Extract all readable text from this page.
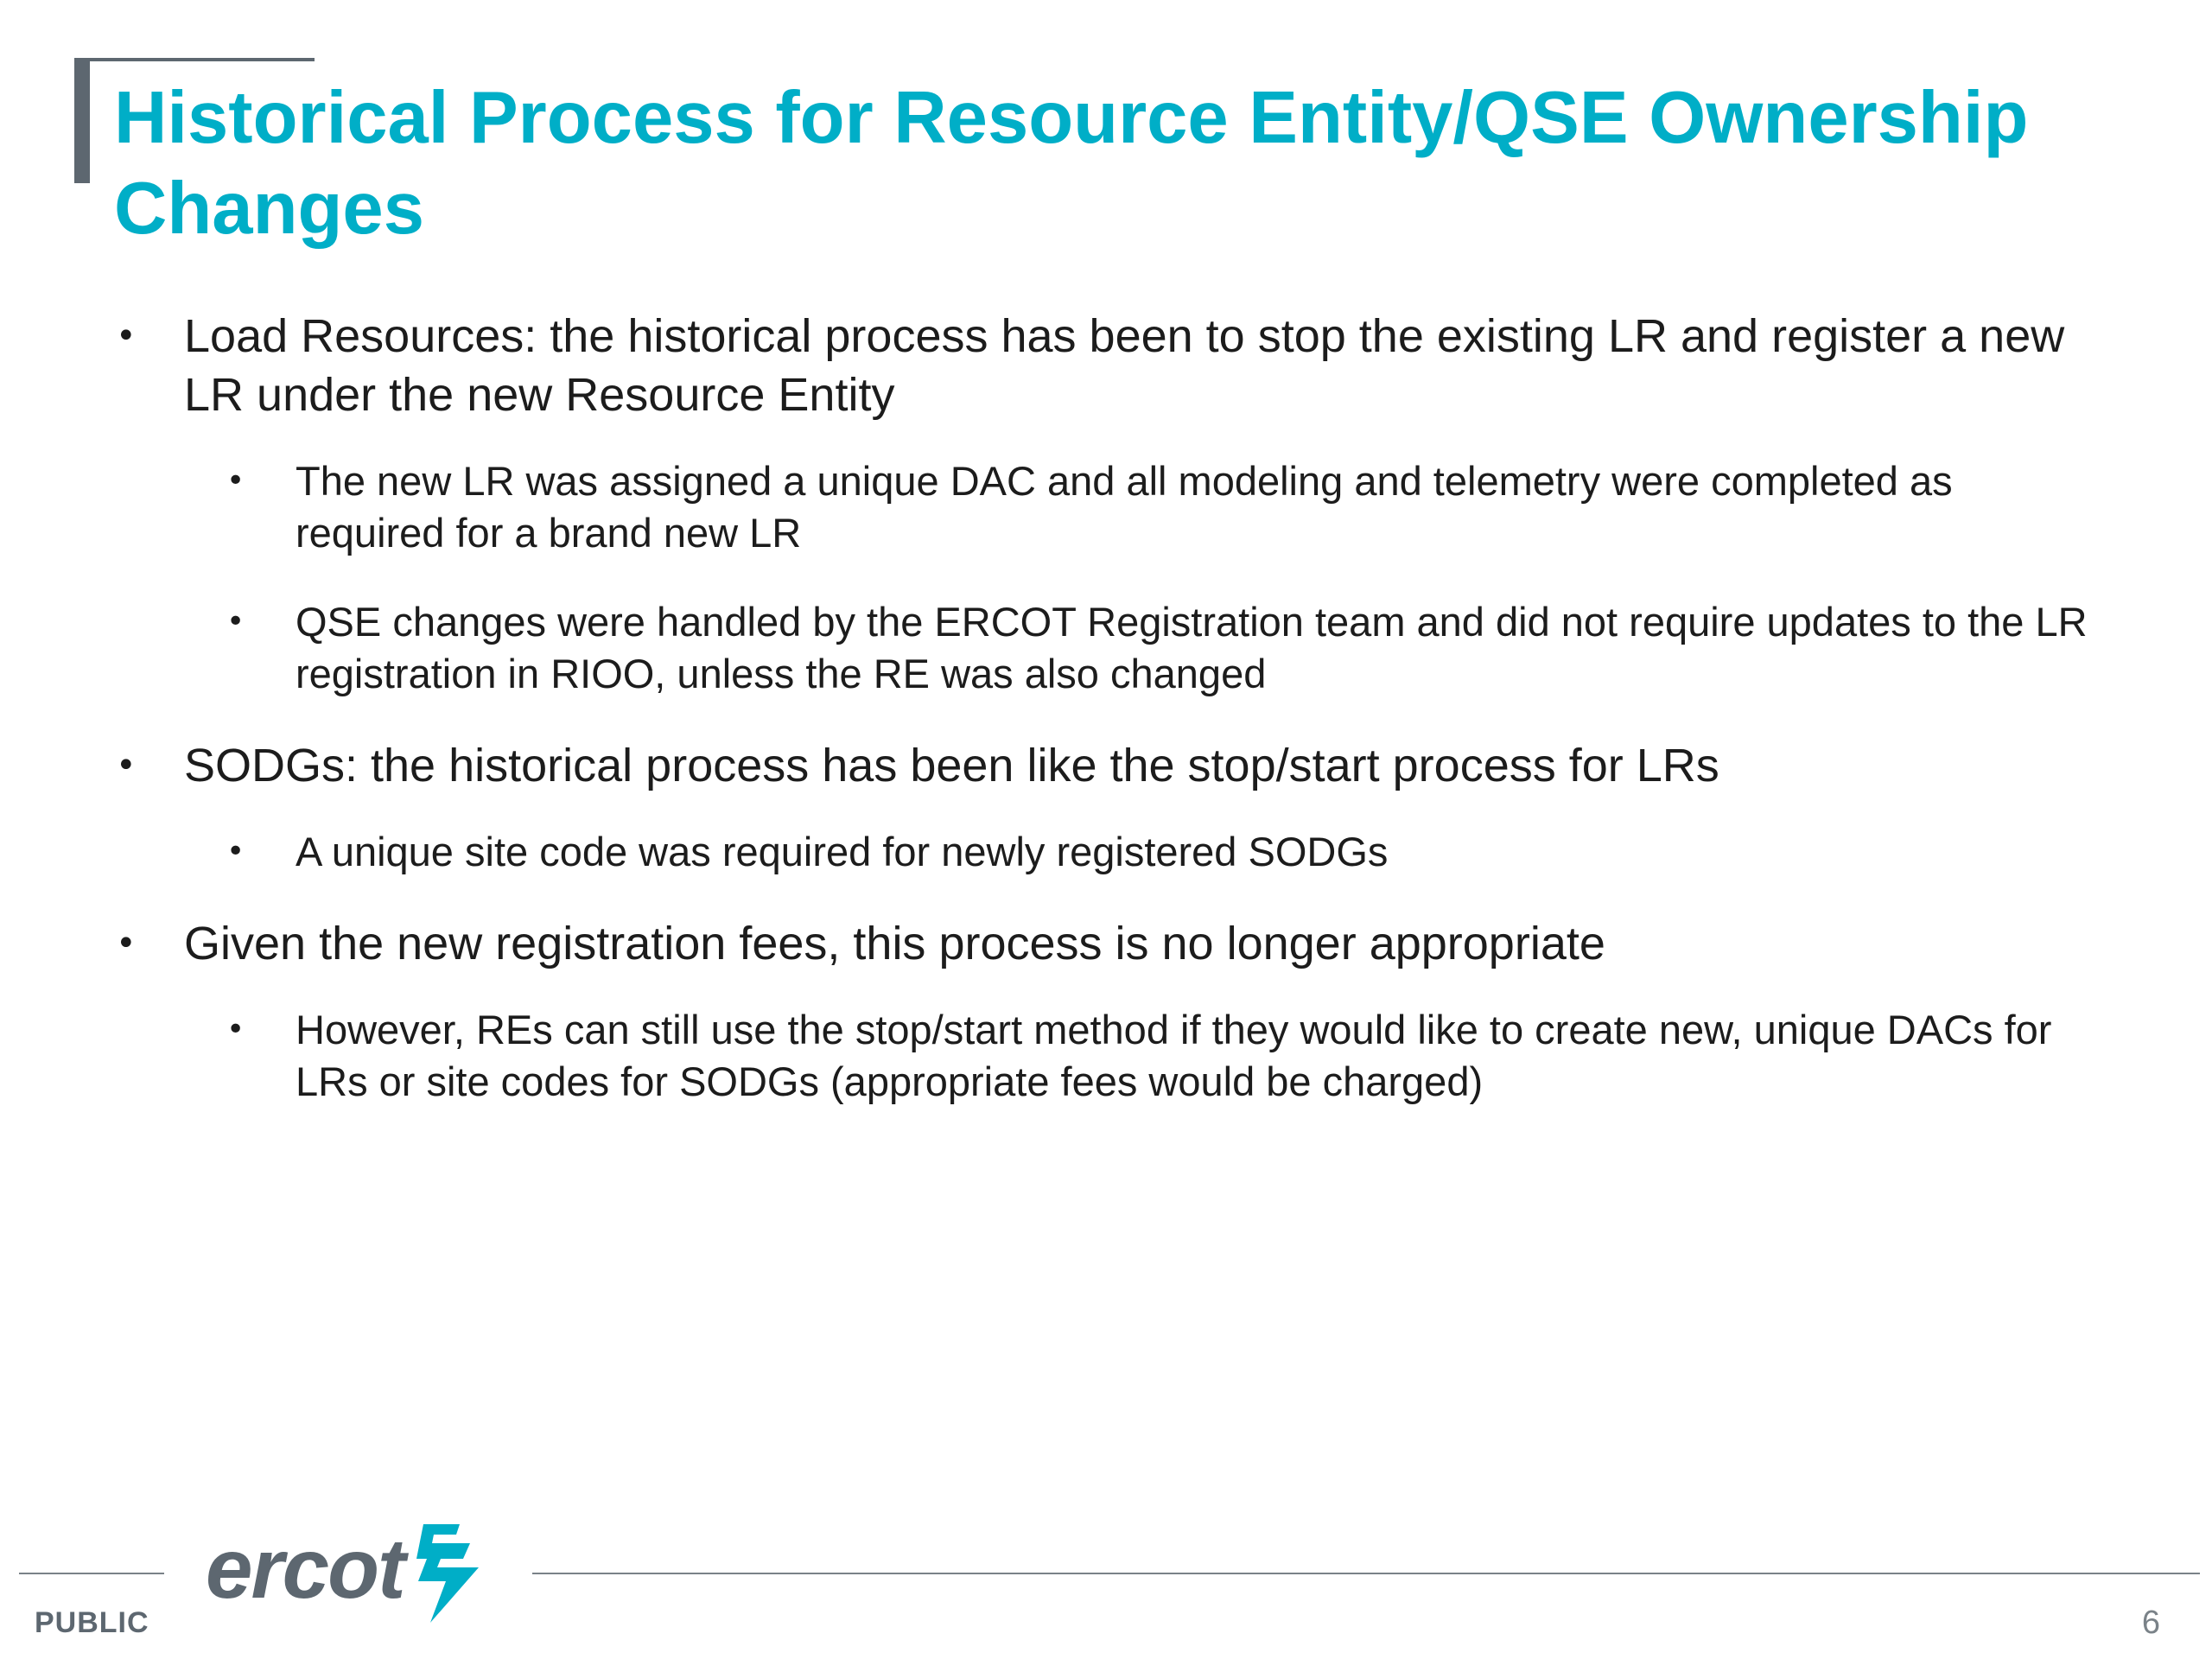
Historical Process for Resource Entity/QSE Ownership Changes
• Load Resources: the historical process has been to stop the existing LR and register a new LR under the new Resource Entity
• The new LR was assigned a unique DAC and all modeling and telemetry were completed as required for a brand new LR
• QSE changes were handled by the ERCOT Registration team and did not require updates to the LR registration in RIOO, unless the RE was also changed
• SODGs: the historical process has been like the stop/start process for LRs
• A unique site code was required for newly registered SODGs
• Given the new registration fees, this process is no longer appropriate
• However, REs can still use the stop/start method if they would like to create new, unique DACs for LRs or site codes for SODGs (appropriate fees would be charged)
ercot
PUBLIC	6
